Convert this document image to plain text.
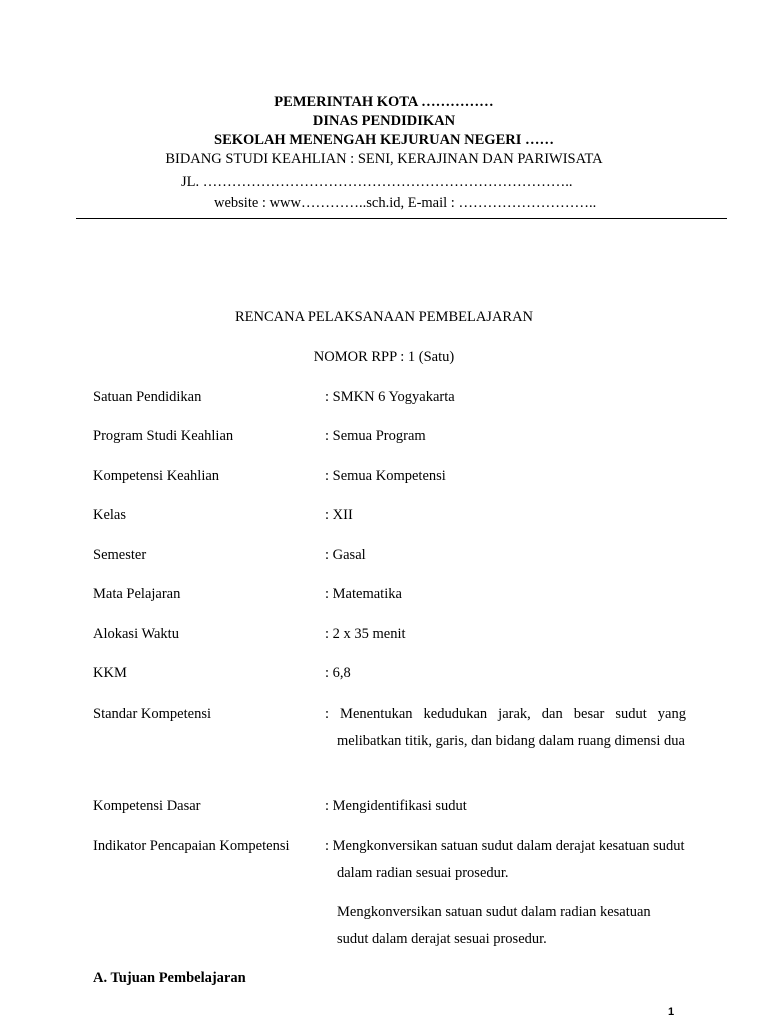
PEMERINTAH KOTA ……………
DINAS PENDIDIKAN
SEKOLAH MENENGAH KEJURUAN NEGERI ……
BIDANG STUDI KEAHLIAN : SENI, KERAJINAN DAN PARIWISATA
JL. …………………………………………………………………..
website : www…………..sch.id, E-mail : ………………………..
RENCANA PELAKSANAAN PEMBELAJARAN
NOMOR RPP : 1 (Satu)
Satuan Pendidikan	: SMKN 6 Yogyakarta
Program Studi Keahlian	: Semua Program
Kompetensi Keahlian	: Semua Kompetensi
Kelas	: XII
Semester	: Gasal
Mata Pelajaran	: Matematika
Alokasi Waktu	: 2 x 35 menit
KKM	: 6,8
Standar Kompetensi	: Menentukan kedudukan jarak, dan besar sudut yang melibatkan titik, garis, dan bidang dalam ruang dimensi dua
Kompetensi Dasar	: Mengidentifikasi sudut
Indikator Pencapaian Kompetensi : Mengkonversikan satuan sudut dalam derajat kesatuan sudut dalam radian sesuai prosedur.
Mengkonversikan satuan sudut dalam radian kesatuan sudut dalam derajat sesuai prosedur.
A. Tujuan Pembelajaran
1
